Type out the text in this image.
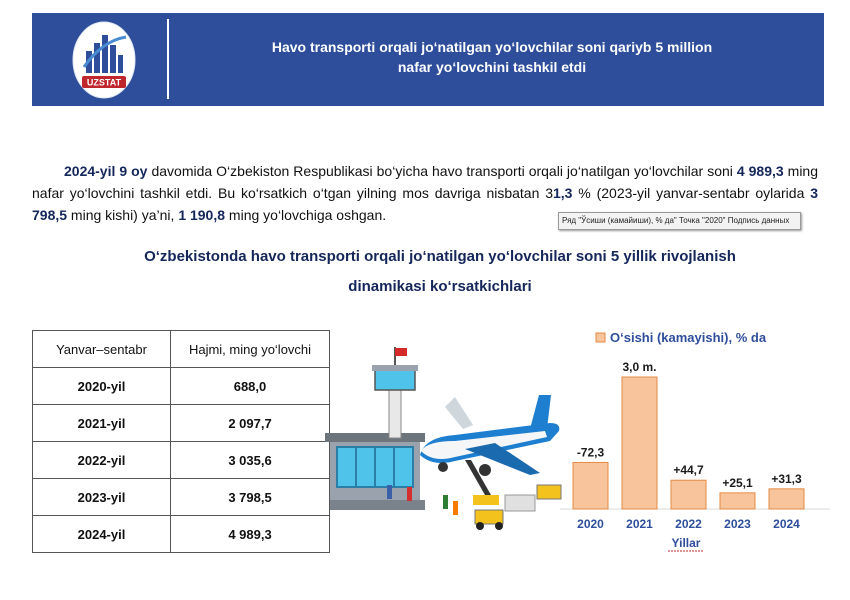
UZSTAT
Havo transporti orqali jo‘natilgan yo‘lovchilar soni qariyb 5 million
nafar yo‘lovchini tashkil etdi
2024-yil 9 oy davomida O‘zbekiston Respublikasi bo‘yicha havo transporti orqali jo‘natilgan yo‘lovchilar soni 4 989,3 ming nafar yo‘lovchini tashkil etdi. Bu ko‘rsatkich o‘tgan yilning mos davriga nisbatan 31,3 % (2023-yil yanvar-sentabr oylarida 3 798,5 ming kishi) ya’ni, 1 190,8 ming yo‘lovchiga oshgan.	Ряд "Ўсиши (камайиши), % да" Точка "2020" Подпись данных
O‘zbekistonda havo transporti orqali jo‘natilgan yo‘lovchilar soni 5 yillik rivojlanish
dinamikasi ko‘rsatkichlari
Yanvar–sentabr	Hajmi, ming yo‘lovchi
2020-yil	688,0
2021-yil	2 097,7
2022-yil	3 035,6
2023-yil	3 798,5
2024-yil	4 989,3
O‘sishi (kamayishi), % da
-72,3
2020
3,0 m.
2021
+44,7
2022
+25,1
2023
+31,3
2024
Yillar
